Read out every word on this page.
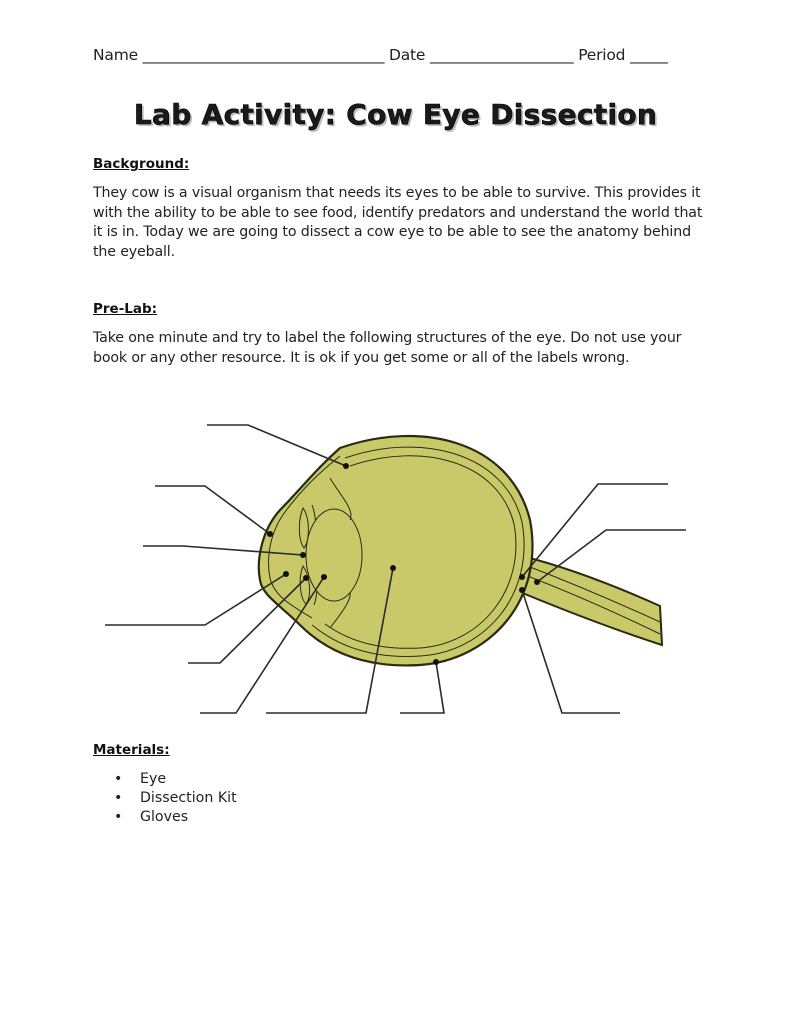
Name ________________________________ Date ___________________ Period _____
Lab Activity: Cow Eye Dissection
Background:
They cow is a visual organism that needs its eyes to be able to survive. This provides it with the ability to be able to see food, identify predators and understand the world that it is in. Today we are going to dissect a cow eye to be able to see the anatomy behind the eyeball.
Pre-Lab:
Take one minute and try to label the following structures of the eye. Do not use your book or any other resource. It is ok if you get some or all of the labels wrong.
Materials:
• Eye
• Dissection Kit
• Gloves
